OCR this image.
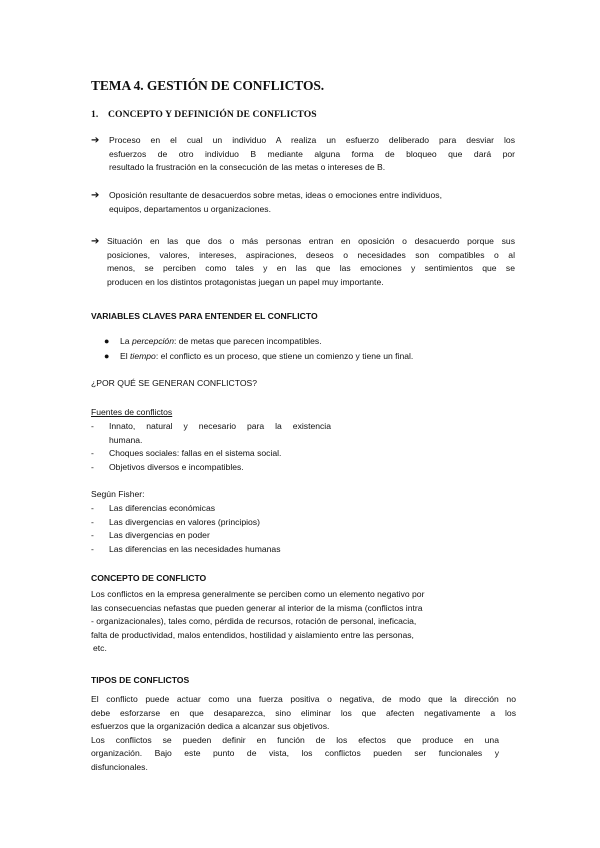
TEMA 4. GESTIÓN DE CONFLICTOS.
1. CONCEPTO Y DEFINICIÓN DE CONFLICTOS
➔ Proceso en el cual un individuo A realiza un esfuerzo deliberado para desviar los
esfuerzos de otro individuo B mediante alguna forma de bloqueo que dará por
resultado la frustración en la consecución de las metas o intereses de B.
➔ Oposición resultante de desacuerdos sobre metas, ideas o emociones entre individuos,
equipos, departamentos u organizaciones.
➔ Situación en las que dos o más personas entran en oposición o desacuerdo porque sus
posiciones, valores, intereses, aspiraciones, deseos o necesidades son compatibles o al
menos, se perciben como tales y en las que las emociones y sentimientos que se
producen en los distintos protagonistas juegan un papel muy importante.
VARIABLES CLAVES PARA ENTENDER EL CONFLICTO
● La percepción: de metas que parecen incompatibles.
● El tiempo: el conflicto es un proceso, que stiene un comienzo y tiene un final.
¿POR QUÉ SE GENERAN CONFLICTOS?
Fuentes de conflictos
- Innato, natural y necesario para la existencia
humana.
- Choques sociales: fallas en el sistema social.
- Objetivos diversos e incompatibles.
Según Fisher:
- Las diferencias económicas
- Las divergencias en valores (principios)
- Las divergencias en poder
- Las diferencias en las necesidades humanas
CONCEPTO DE CONFLICTO
Los conflictos en la empresa generalmente se perciben como un elemento negativo por
las consecuencias nefastas que pueden generar al interior de la misma (conflictos intra
- organizacionales), tales como, pérdida de recursos, rotación de personal, ineficacia,
falta de productividad, malos entendidos, hostilidad y aislamiento entre las personas,
etc.
TIPOS DE CONFLICTOS
El conflicto puede actuar como una fuerza positiva o negativa, de modo que la dirección no
debe esforzarse en que desaparezca, sino eliminar los que afecten negativamente a los
esfuerzos que la organización dedica a alcanzar sus objetivos.
Los conflictos se pueden definir en función de los efectos que produce en una
organización. Bajo este punto de vista, los conflictos pueden ser funcionales y
disfuncionales.
